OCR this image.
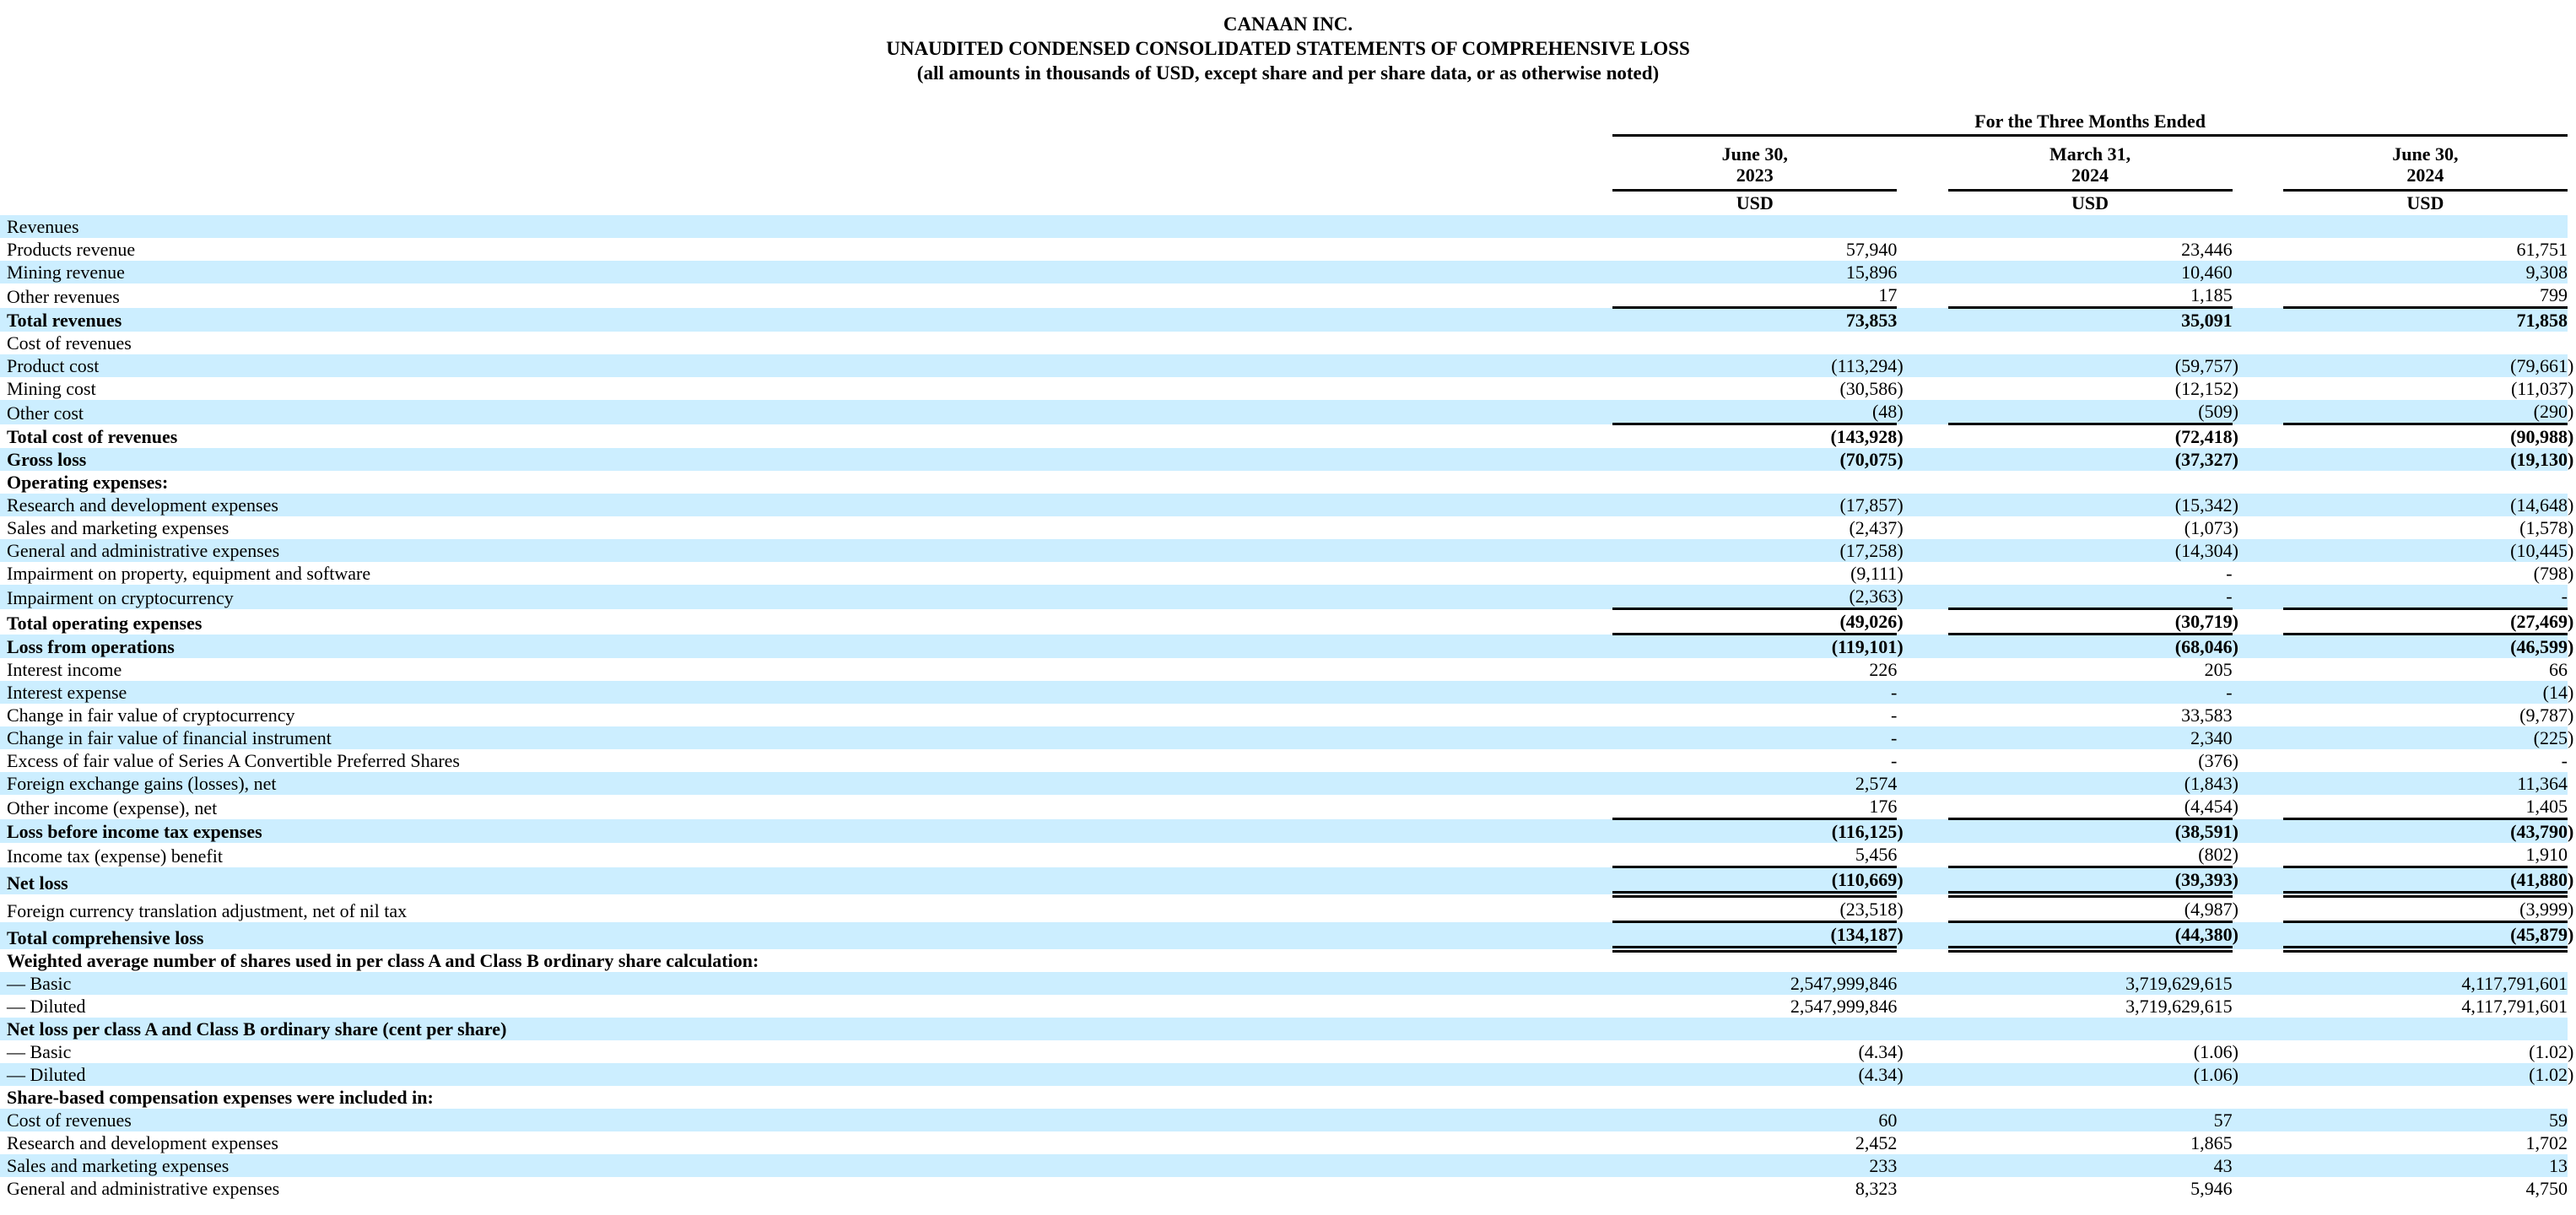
CANAAN INC.
UNAUDITED CONDENSED CONSOLIDATED STATEMENTS OF COMPREHENSIVE LOSS
(all amounts in thousands of USD, except share and per share data, or as otherwise noted)
		For the Three Months Ended				

June 30,
2023

March 31,
2024

June 30,
2024

		USD		USD		USD
Revenues						
Products revenue		57,940		23,446		61,751
Mining revenue		15,896		10,460		9,308
Other revenues		17		1,185		799
Total revenues		73,853		35,091		71,858
Cost of revenues						
Product cost		(113,294)		(59,757)		(79,661)
Mining cost		(30,586)		(12,152)		(11,037)
Other cost		(48)		(509)		(290)
Total cost of revenues		(143,928)		(72,418)		(90,988)
Gross loss		(70,075)		(37,327)		(19,130)
Operating expenses:						
Research and development expenses		(17,857)		(15,342)		(14,648)
Sales and marketing expenses		(2,437)		(1,073)		(1,578)
General and administrative expenses		(17,258)		(14,304)		(10,445)
Impairment on property, equipment and software		(9,111)		-		(798)
Impairment on cryptocurrency		(2,363)		-		-
Total operating expenses		(49,026)		(30,719)		(27,469)
Loss from operations		(119,101)		(68,046)		(46,599)
Interest income		226		205		66
Interest expense		-		-		(14)
Change in fair value of cryptocurrency		-		33,583		(9,787)
Change in fair value of financial instrument		-		2,340		(225)
Excess of fair value of Series A Convertible Preferred Shares		-		(376)		-
Foreign exchange gains (losses), net		2,574		(1,843)		11,364
Other income (expense), net		176		(4,454)		1,405
Loss before income tax expenses		(116,125)		(38,591)		(43,790)
Income tax (expense) benefit		5,456		(802)		1,910
Net loss		(110,669)		(39,393)		(41,880)
Foreign currency translation adjustment, net of nil tax		(23,518)		(4,987)		(3,999)
Total comprehensive loss		(134,187)		(44,380)		(45,879)
Weighted average number of shares used in per class A and Class B ordinary share calculation:						
— Basic		2,547,999,846		3,719,629,615		4,117,791,601
— Diluted		2,547,999,846		3,719,629,615		4,117,791,601
Net loss per class A and Class B ordinary share (cent per share)						
— Basic		(4.34)		(1.06)		(1.02)
— Diluted		(4.34)		(1.06)		(1.02)
Share-based compensation expenses were included in:						
Cost of revenues		60		57		59
Research and development expenses		2,452		1,865		1,702
Sales and marketing expenses		233		43		13
General and administrative expenses		8,323		5,946		4,750
